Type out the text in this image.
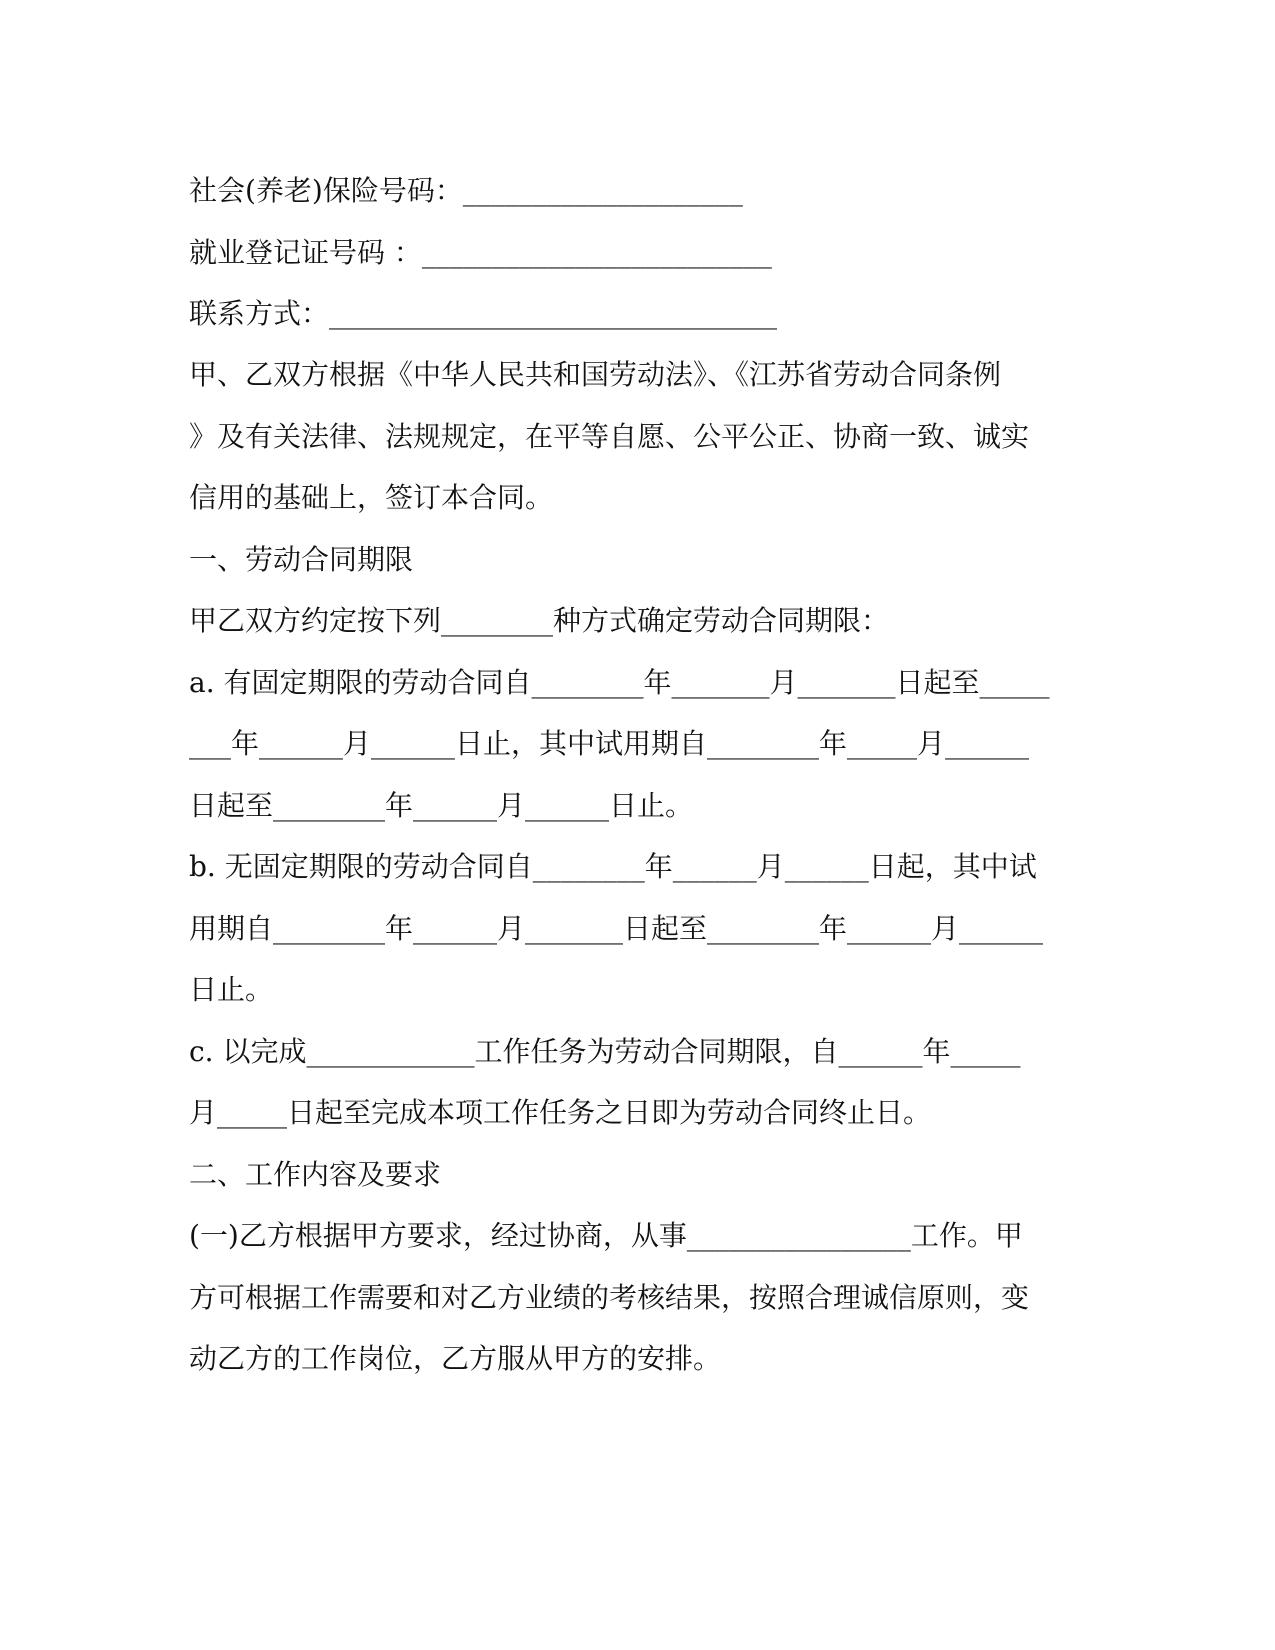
社会(养老)保险号码：____________________
就业登记证号码 ：_________________________
联系方式：________________________________
甲、乙双方根据《中华人民共和国劳动法》、《江苏省劳动合同条例
》及有关法律、法规规定，在平等自愿、公平公正、协商一致、诚实
信用的基础上，签订本合同。
一、劳动合同期限
甲乙双方约定按下列________种方式确定劳动合同期限：
a. 有固定期限的劳动合同自________年_______月_______日起至_____
___年______月______日止，其中试用期自________年_____月______
日起至________年______月______日止。
b. 无固定期限的劳动合同自________年______月______日起，其中试
用期自________年______月_______日起至________年______月______
日止。
c. 以完成____________工作任务为劳动合同期限，自______年_____
月_____日起至完成本项工作任务之日即为劳动合同终止日。
二、工作内容及要求
(一)乙方根据甲方要求，经过协商，从事________________工作。甲
方可根据工作需要和对乙方业绩的考核结果，按照合理诚信原则，变
动乙方的工作岗位，乙方服从甲方的安排。
